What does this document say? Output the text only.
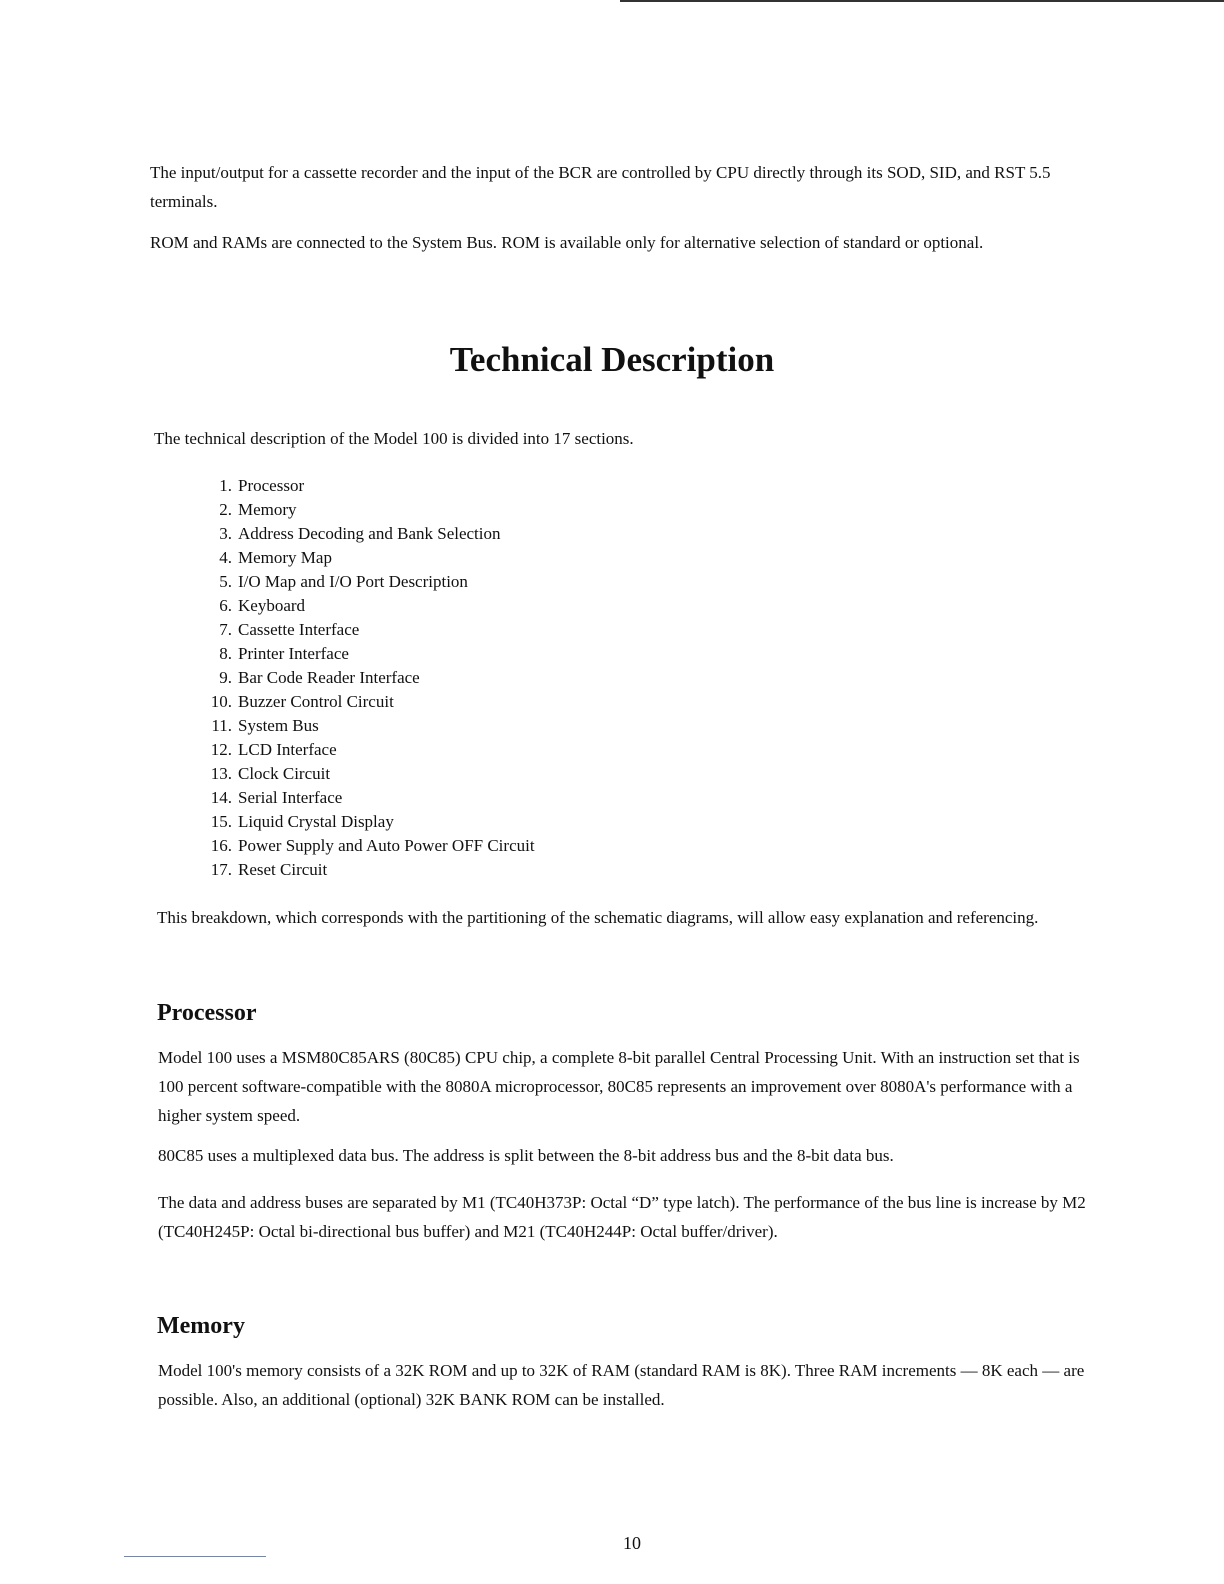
The input/output for a cassette recorder and the input of the BCR are controlled by CPU directly through its SOD, SID, and RST 5.5 terminals.

ROM and RAMs are connected to the System Bus. ROM is available only for alternative selection of standard or optional.

Technical Description

The technical description of the Model 100 is divided into 17 sections.

1. Processor
2. Memory
3. Address Decoding and Bank Selection
4. Memory Map
5. I/O Map and I/O Port Description
6. Keyboard
7. Cassette Interface
8. Printer Interface
9. Bar Code Reader Interface
10. Buzzer Control Circuit
11. System Bus
12. LCD Interface
13. Clock Circuit
14. Serial Interface
15. Liquid Crystal Display
16. Power Supply and Auto Power OFF Circuit
17. Reset Circuit

This breakdown, which corresponds with the partitioning of the schematic diagrams, will allow easy explanation and referencing.

Processor

Model 100 uses a MSM80C85ARS (80C85) CPU chip, a complete 8-bit parallel Central Processing Unit. With an instruction set that is 100 percent software-compatible with the 8080A microprocessor, 80C85 represents an improvement over 8080A's performance with a higher system speed.

80C85 uses a multiplexed data bus. The address is split between the 8-bit address bus and the 8-bit data bus.

The data and address buses are separated by M1 (TC40H373P: Octal “D” type latch). The performance of the bus line is increase by M2 (TC40H245P: Octal bi-directional bus buffer) and M21 (TC40H244P: Octal buffer/driver).

Memory

Model 100's memory consists of a 32K ROM and up to 32K of RAM (standard RAM is 8K). Three RAM increments — 8K each — are possible. Also, an additional (optional) 32K BANK ROM can be installed.

10
